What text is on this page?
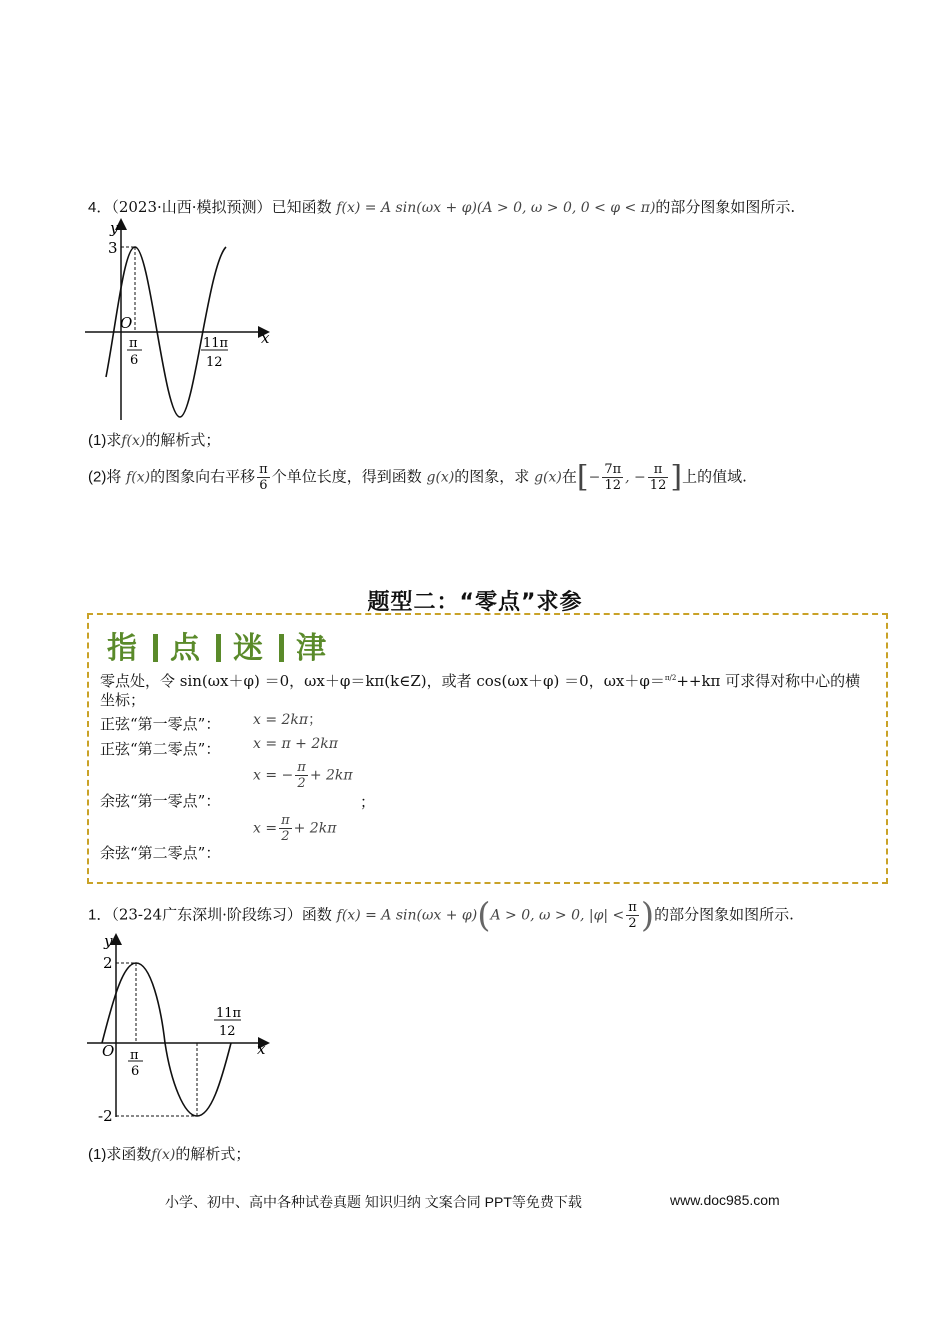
4．（2023·山西·模拟预测）已知函数 f(x) = A sin(ωx + φ)(A > 0, ω > 0, 0 < φ < π)的部分图象如图所示.
y
x
O
3
π
6
11π
12
(1)求f(x)的解析式；
(2)将 f(x)的图象向右平移 $\frac{\pi}{6}$ 个单位长度，得到函数 g(x)的图象，求 g(x)在[− $\frac{7\pi}{12}$ , − $\frac{\pi}{12}$ ]上的值域.
题型二：“零点”求参
指 点 迷 津
零点处，令 sin(ωx＋φ) ＝0，ωx＋φ＝kπ(k∈Z)，或者 cos(ωx＋φ) ＝0，ωx＋φ＝$^{\pi/2}$++kπ 可求得对称中心的横
坐标；
正弦“第一零点”： x = 2kπ；
正弦“第二零点”： x = π + 2kπ
余弦“第一零点”：
x = − $\frac{\pi}{2} + 2k\pi$
；
余弦“第二零点”：
$x = \frac{\pi}{2} + 2k\pi$
1．（23-24广东深圳·阶段练习）函数 f(x) = A sin(ωx + φ)(A > 0, ω > 0, $|\varphi| < \frac{\pi}{2}$ )的部分图象如图所示.
y
x
O
2
-2
π
6
11π
12
(1)求函数f(x)的解析式；
小学、初中、高中各种试卷真题 知识归纳 文案合同 PPT等免费下载	www.doc985.com
